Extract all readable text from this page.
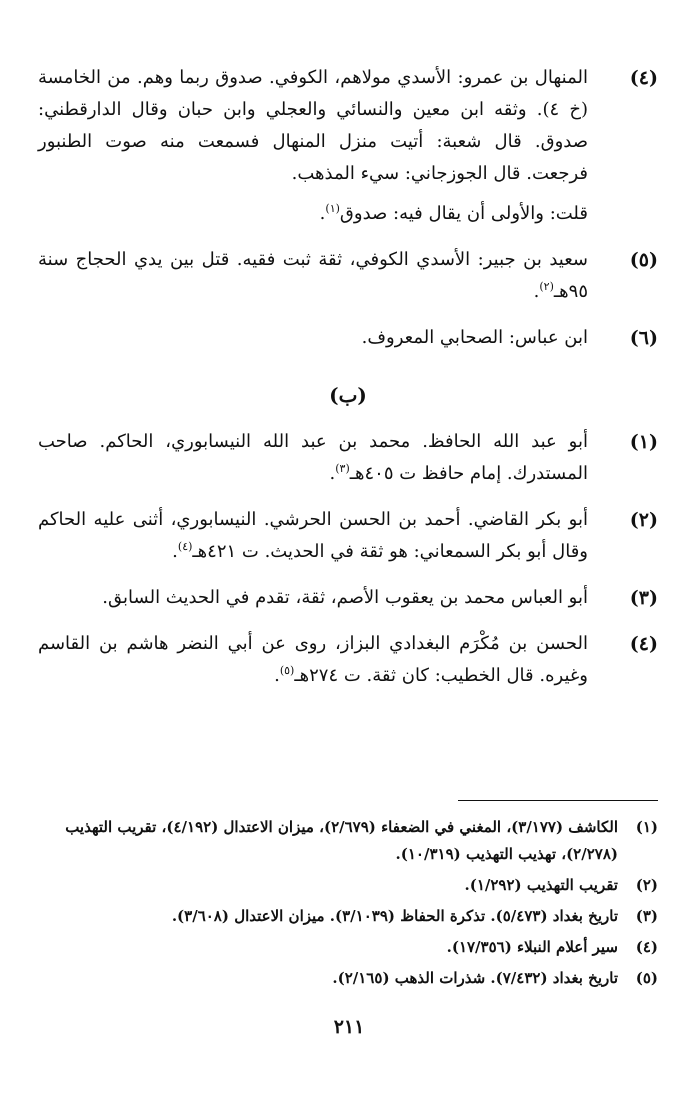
(٤)

المنهال بن عمرو: الأسدي مولاهم، الكوفي. صدوق ربما وهم. من الخامسة (خ ٤). وثقه ابن معين والنسائي والعجلي وابن حبان وقال الدارقطني: صدوق. قال شعبة: أتيت منزل المنهال فسمعت منه صوت الطنبور فرجعت. قال الجوزجاني: سيء المذهب.

قلت: والأولى أن يقال فيه: صدوق$^{(١)}$.

(٥)

سعيد بن جبير: الأسدي الكوفي، ثقة ثبت فقيه. قتل بين يدي الحجاج سنة ٩٥هـ$^{(٢)}$.

(٦)

ابن عباس: الصحابي المعروف.

(ب)
(١)

أبو عبد الله الحافظ. محمد بن عبد الله النيسابوري، الحاكم. صاحب المستدرك. إمام حافظ ت ٤٠٥هـ$^{(٣)}$.

(٢)

أبو بكر القاضي. أحمد بن الحسن الحرشي. النيسابوري، أثنى عليه الحاكم وقال أبو بكر السمعاني: هو ثقة في الحديث. ت ٤٢١هـ$^{(٤)}$.

(٣)

أبو العباس محمد بن يعقوب الأصم، ثقة، تقدم في الحديث السابق.

(٤)

الحسن بن مُكْرَم البغدادي البزاز، روى عن أبي النضر هاشم بن القاسم وغيره. قال الخطيب: كان ثقة. ت ٢٧٤هـ$^{(٥)}$.

(١)
الكاشف (٣/١٧٧)، المغني في الضعفاء (٢/٦٧٩)، ميزان الاعتدال (٤/١٩٢)، تقريب التهذيب (٢/٢٧٨)، تهذيب التهذيب (١٠/٣١٩).
(٢)
تقريب التهذيب (١/٢٩٢).
(٣)
تاريخ بغداد (٥/٤٧٣). تذكرة الحفاظ (٣/١٠٣٩). ميزان الاعتدال (٣/٦٠٨).
(٤)
سير أعلام النبلاء (١٧/٣٥٦).
(٥)
تاريخ بغداد (٧/٤٣٢). شذرات الذهب (٢/١٦٥).
٢١١
